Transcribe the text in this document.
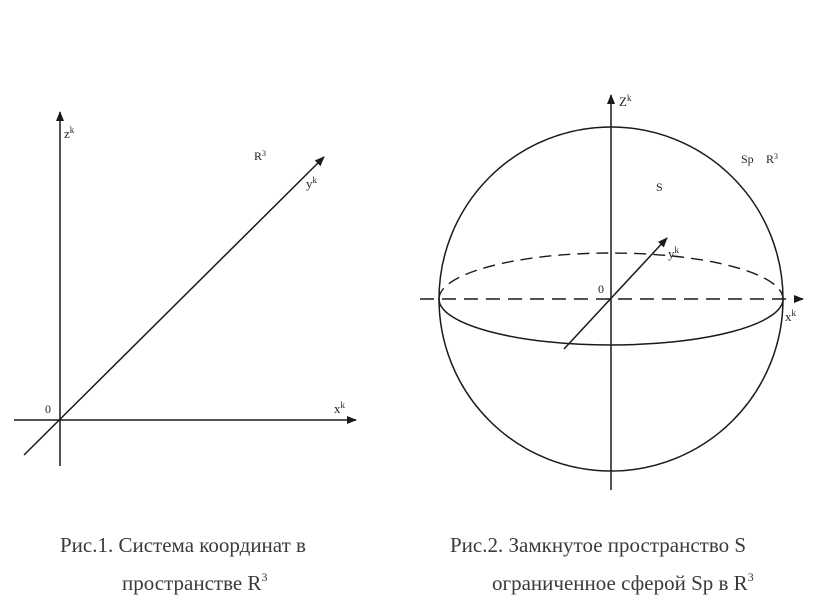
$z^k$
$x^k$
$y^k$
0
$R^3$
$Z^k$
$x^k$
$y^k$
0
S
Sp $R^3$
Рис.1. Система координат в
пространстве $R^3$
Рис.2. Замкнутое пространство S
ограниченное сферой Sp в $R^3$
